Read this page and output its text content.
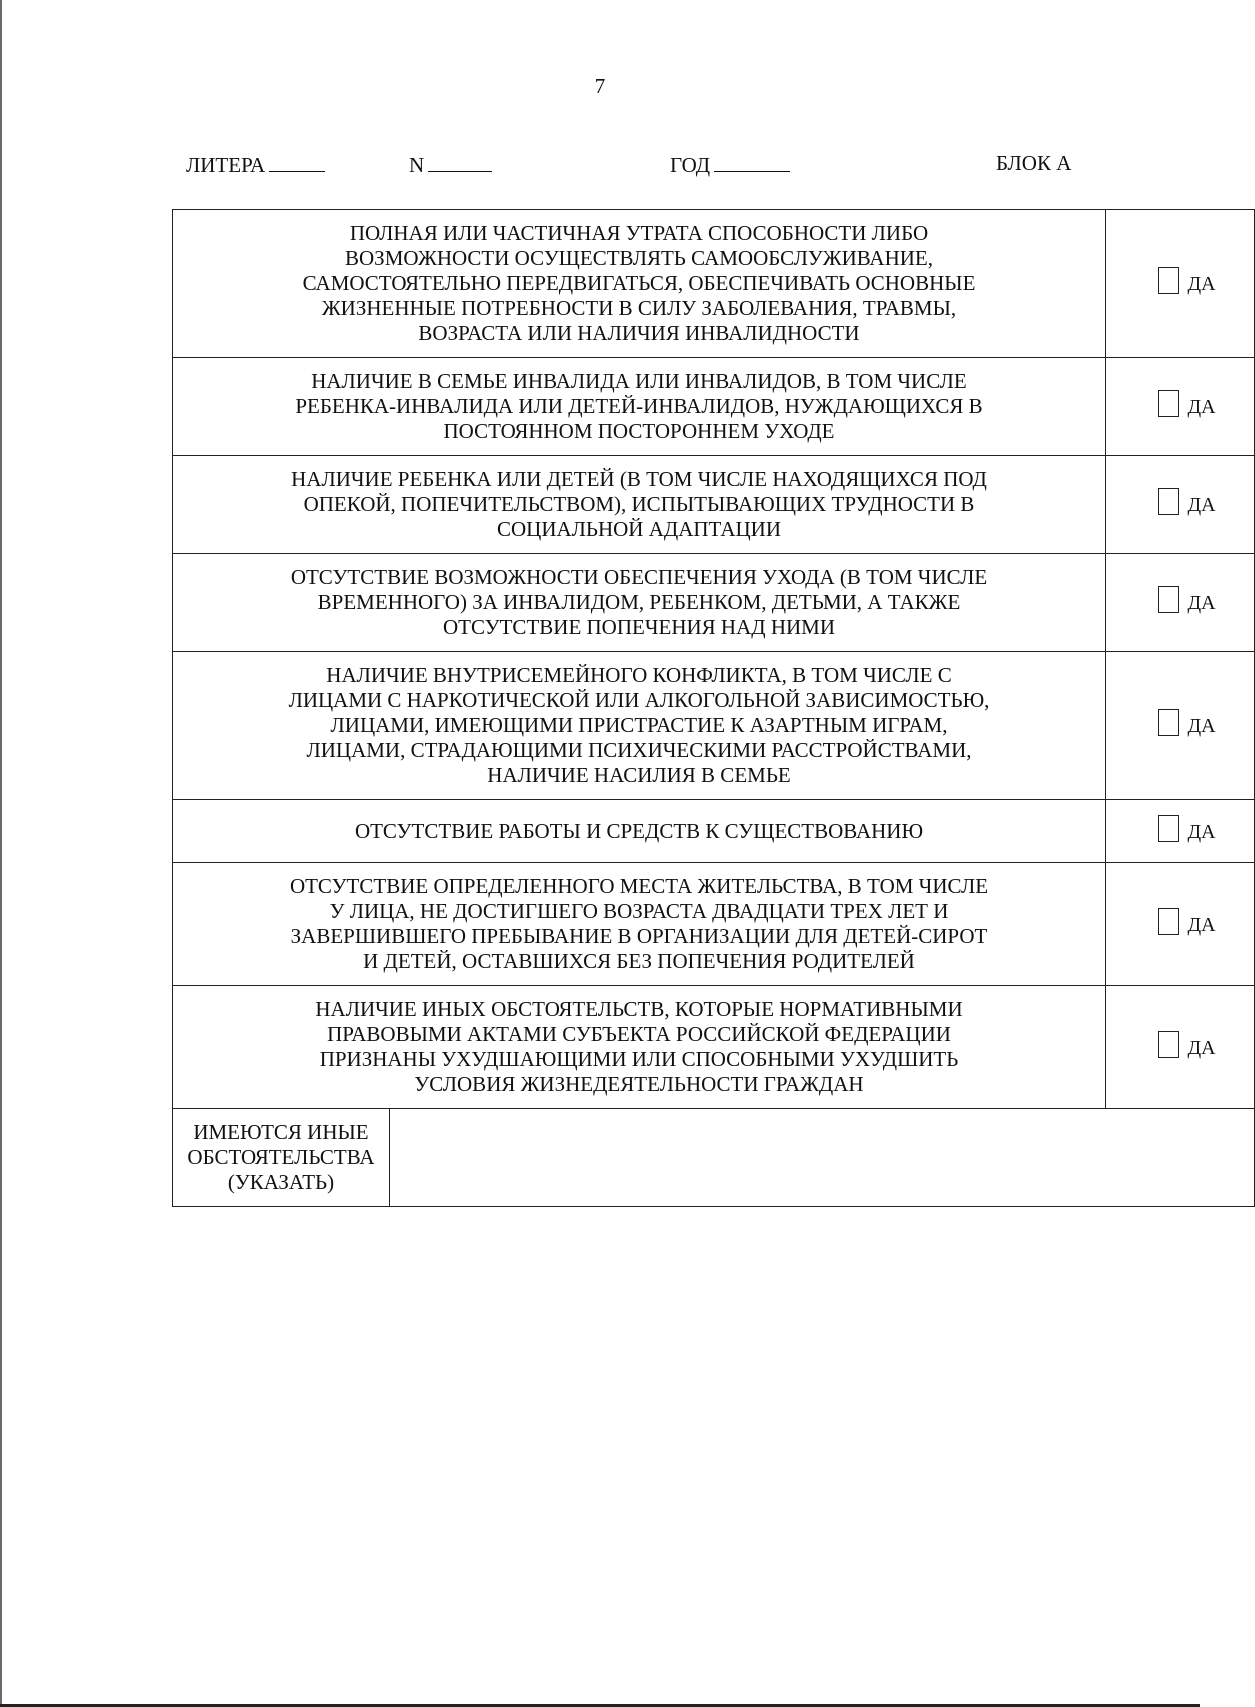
7
ЛИТЕРА	N	ГОД	БЛОК А
ПОЛНАЯ ИЛИ ЧАСТИЧНАЯ УТРАТА СПОСОБНОСТИ ЛИБО
ВОЗМОЖНОСТИ ОСУЩЕСТВЛЯТЬ САМООБСЛУЖИВАНИЕ,
САМОСТОЯТЕЛЬНО ПЕРЕДВИГАТЬСЯ, ОБЕСПЕЧИВАТЬ ОСНОВНЫЕ
ЖИЗНЕННЫЕ ПОТРЕБНОСТИ В СИЛУ ЗАБОЛЕВАНИЯ, ТРАВМЫ,
ВОЗРАСТА ИЛИ НАЛИЧИЯ ИНВАЛИДНОСТИ		ДА

НАЛИЧИЕ В СЕМЬЕ ИНВАЛИДА ИЛИ ИНВАЛИДОВ, В ТОМ ЧИСЛЕ
РЕБЕНКА-ИНВАЛИДА ИЛИ ДЕТЕЙ-ИНВАЛИДОВ, НУЖДАЮЩИХСЯ В
ПОСТОЯННОМ ПОСТОРОННЕМ УХОДЕ		ДА

НАЛИЧИЕ РЕБЕНКА ИЛИ ДЕТЕЙ (В ТОМ ЧИСЛЕ НАХОДЯЩИХСЯ ПОД
ОПЕКОЙ, ПОПЕЧИТЕЛЬСТВОМ), ИСПЫТЫВАЮЩИХ ТРУДНОСТИ В
СОЦИАЛЬНОЙ АДАПТАЦИИ		ДА

ОТСУТСТВИЕ ВОЗМОЖНОСТИ ОБЕСПЕЧЕНИЯ УХОДА (В ТОМ ЧИСЛЕ
ВРЕМЕННОГО) ЗА ИНВАЛИДОМ, РЕБЕНКОМ, ДЕТЬМИ, А ТАКЖЕ
ОТСУТСТВИЕ ПОПЕЧЕНИЯ НАД НИМИ		ДА

НАЛИЧИЕ ВНУТРИСЕМЕЙНОГО КОНФЛИКТА, В ТОМ ЧИСЛЕ С
ЛИЦАМИ С НАРКОТИЧЕСКОЙ ИЛИ АЛКОГОЛЬНОЙ ЗАВИСИМОСТЬЮ,
ЛИЦАМИ, ИМЕЮЩИМИ ПРИСТРАСТИЕ К АЗАРТНЫМ ИГРАМ,
ЛИЦАМИ, СТРАДАЮЩИМИ ПСИХИЧЕСКИМИ РАССТРОЙСТВАМИ,
НАЛИЧИЕ НАСИЛИЯ В СЕМЬЕ		ДА

ОТСУТСТВИЕ РАБОТЫ И СРЕДСТВ К СУЩЕСТВОВАНИЮ		ДА

ОТСУТСТВИЕ ОПРЕДЕЛЕННОГО МЕСТА ЖИТЕЛЬСТВА, В ТОМ ЧИСЛЕ
У ЛИЦА, НЕ ДОСТИГШЕГО ВОЗРАСТА ДВАДЦАТИ ТРЕХ ЛЕТ И
ЗАВЕРШИВШЕГО ПРЕБЫВАНИЕ В ОРГАНИЗАЦИИ ДЛЯ ДЕТЕЙ-СИРОТ
И ДЕТЕЙ, ОСТАВШИХСЯ БЕЗ ПОПЕЧЕНИЯ РОДИТЕЛЕЙ		ДА

НАЛИЧИЕ ИНЫХ ОБСТОЯТЕЛЬСТВ, КОТОРЫЕ НОРМАТИВНЫМИ
ПРАВОВЫМИ АКТАМИ СУБЪЕКТА РОССИЙСКОЙ ФЕДЕРАЦИИ
ПРИЗНАНЫ УХУДШАЮЩИМИ ИЛИ СПОСОБНЫМИ УХУДШИТЬ
УСЛОВИЯ ЖИЗНЕДЕЯТЕЛЬНОСТИ ГРАЖДАН		ДА

ИМЕЮТСЯ ИНЫЕ
ОБСТОЯТЕЛЬСТВА
(УКАЗАТЬ)		
